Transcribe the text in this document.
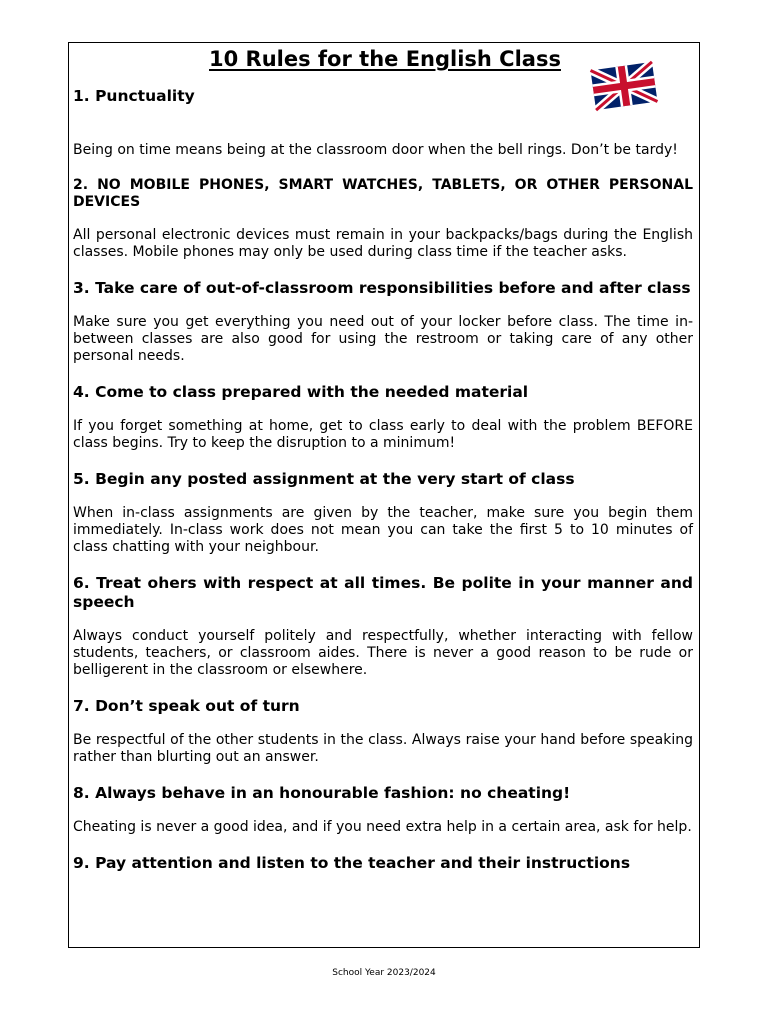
10 Rules for the English Class
1. Punctuality
Being on time means being at the classroom door when the bell rings. Don’t be tardy!
2. NO MOBILE PHONES, SMART WATCHES, TABLETS, OR OTHER PERSONAL DEVICES
All personal electronic devices must remain in your backpacks/bags during the English classes. Mobile phones may only be used during class time if the teacher asks.
3. Take care of out-of-classroom responsibilities before and after class
Make sure you get everything you need out of your locker before class. The time in-between classes are also good for using the restroom or taking care of any other personal needs.
4. Come to class prepared with the needed material
If you forget something at home, get to class early to deal with the problem BEFORE class begins. Try to keep the disruption to a minimum!
5. Begin any posted assignment at the very start of class
When in-class assignments are given by the teacher, make sure you begin them immediately. In-class work does not mean you can take the first 5 to 10 minutes of class chatting with your neighbour.
6. Treat ohers with respect at all times. Be polite in your manner and speech
Always conduct yourself politely and respectfully, whether interacting with fellow students, teachers, or classroom aides. There is never a good reason to be rude or belligerent in the classroom or elsewhere.
7. Don’t speak out of turn
Be respectful of the other students in the class. Always raise your hand before speaking rather than blurting out an answer.
8. Always behave in an honourable fashion: no cheating!
Cheating is never a good idea, and if you need extra help in a certain area, ask for help.
9. Pay attention and listen to the teacher and their instructions
School Year 2023/2024
